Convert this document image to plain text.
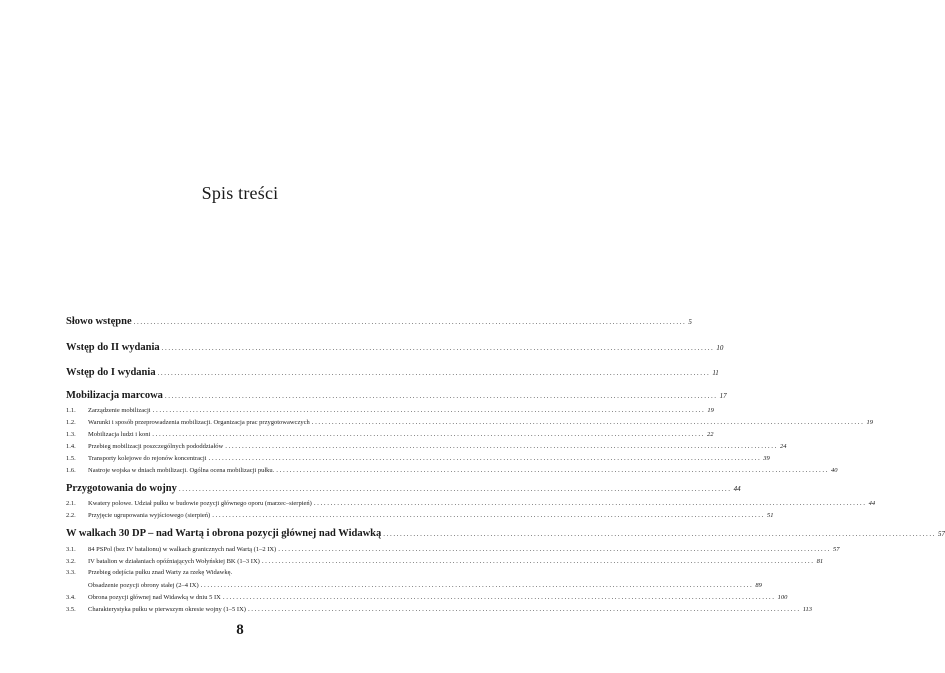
Spis treści
Słowo wstępne ..................................................................................................................................................................... 5
Wstęp do II wydania ..................................................................................................................................................................... 10
Wstęp do I wydania ..................................................................................................................................................................... 11
Mobilizacja marcowa ..................................................................................................................................................................... 17
1.1. Zarządzenie mobilizacji ..................................................................................................................................................................... 19
1.2. Warunki i sposób przeprowadzenia mobilizacji. Organizacja prac przygotowawczych ..................................................................................................................................................................... 19
1.3. Mobilizacja ludzi i koni ..................................................................................................................................................................... 22
1.4. Przebieg mobilizacji poszczególnych pododdziałów ..................................................................................................................................................................... 24
1.5. Transporty kolejowe do rejonów koncentracji ..................................................................................................................................................................... 39
1.6. Nastroje wojska w dniach mobilizacji. Ogólna ocena mobilizacji pułku. ..................................................................................................................................................................... 40
Przygotowania do wojny ..................................................................................................................................................................... 44
2.1. Kwatery polowe. Udział pułku w budowie pozycji głównego oporu (marzec–sierpień) ..................................................................................................................................................................... 44
2.2. Przyjęcie ugrupowania wyjściowego (sierpień) ..................................................................................................................................................................... 51
W walkach 30 DP – nad Wartą i obrona pozycji głównej nad Widawką ..................................................................................................................................................................... 57
3.1. 84 PSPol (bez IV batalionu) w walkach granicznych nad Wartą (1–2 IX) ..................................................................................................................................................................... 57
3.2. IV batalion w działaniach opóźniających Wołyńskiej BK (1–3 IX) ..................................................................................................................................................................... 81
3.3. Przebieg odejścia pułku znad Warty za rzekę Widawkę.
Obsadzenie pozycji obrony stałej (2–4 IX) ..................................................................................................................................................................... 89
3.4. Obrona pozycji głównej nad Widawką w dniu 5 IX ..................................................................................................................................................................... 100
3.5. Charakterystyka pułku w pierwszym okresie wojny (1–5 IX) ..................................................................................................................................................................... 113
8
